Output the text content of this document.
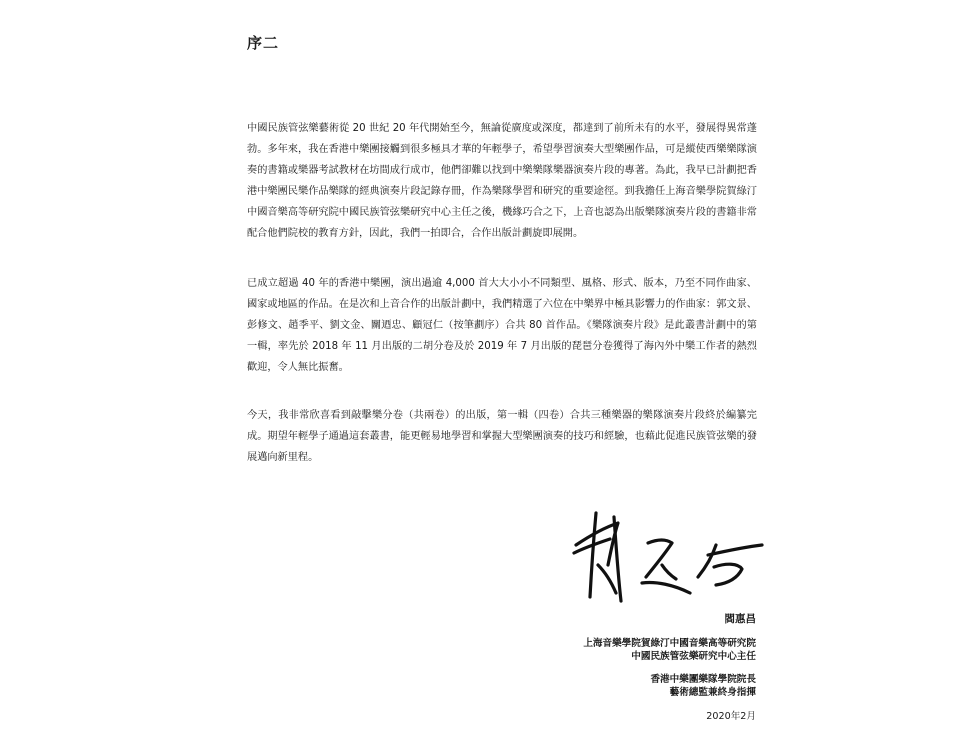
序二

中國民族管弦樂藝術從 20 世紀 20 年代開始至今，無論從廣度或深度，都達到了前所未有的水平，發展得異常蓬勃。多年來，我在香港中樂團接觸到很多極具才華的年輕學子，希望學習演奏大型樂團作品，可是縱使西樂樂隊演奏的書籍或樂器考試教材在坊間成行成市，他們卻難以找到中樂樂隊樂器演奏片段的專著。為此，我早已計劃把香港中樂團民樂作品樂隊的經典演奏片段記錄存冊，作為樂隊學習和研究的重要途徑。到我擔任上海音樂學院賀綠汀中國音樂高等研究院中國民族管弦樂研究中心主任之後，機緣巧合之下，上音也認為出版樂隊演奏片段的書籍非常配合他們院校的教育方針，因此，我們一拍即合，合作出版計劃旋即展開。

已成立超過 40 年的香港中樂團，演出過逾 4,000 首大大小小不同類型、風格、形式、版本，乃至不同作曲家、國家或地區的作品。在是次和上音合作的出版計劃中，我們精選了六位在中樂界中極具影響力的作曲家：郭文景、彭修文、趙季平、劉文金、關迺忠、顧冠仁（按筆劃序）合共 80 首作品。《樂隊演奏片段》是此叢書計劃中的第一輯，率先於 2018 年 11 月出版的二胡分卷及於 2019 年 7 月出版的琵琶分卷獲得了海內外中樂工作者的熱烈歡迎，令人無比振奮。

今天，我非常欣喜看到敲擊樂分卷（共兩卷）的出版，第一輯（四卷）合共三種樂器的樂隊演奏片段終於編纂完成。期望年輕學子通過這套叢書，能更輕易地學習和掌握大型樂團演奏的技巧和經驗，也藉此促進民族管弦樂的發展邁向新里程。

閻惠昌
上海音樂學院賀綠汀中國音樂高等研究院
中國民族管弦樂研究中心主任
香港中樂團樂隊學院院長
藝術總監兼終身指揮
2020年2月
